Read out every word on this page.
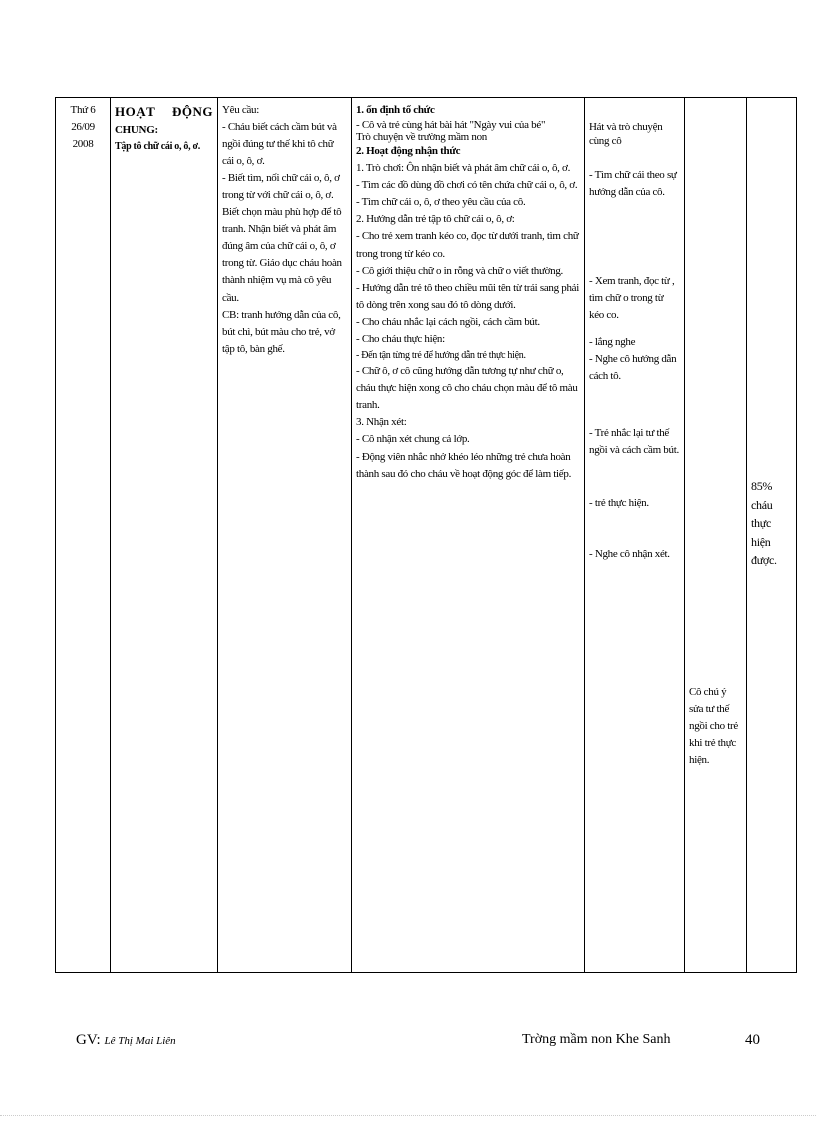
Thứ 6
26/09
2008

HOẠT ĐỘNG
CHUNG:
Tập tô chữ cái o, ô, ơ.

Yêu cầu:
- Cháu biết cách cầm bút và ngồi đúng tư thế khi tô chữ cái o, ô, ơ.
- Biết tìm, nối chữ cái o, ô, ơ trong từ với chữ cái o, ô, ơ. Biết chọn màu phù hợp để tô tranh. Nhận biết và phát âm đúng âm của chữ cái o, ô, ơ trong từ. Giáo dục cháu hoàn thành nhiệm vụ mà cô yêu cầu.
CB: tranh hướng dẫn của cô, bút chì, bút màu cho trẻ, vở tập tô, bàn ghế.

1. ổn định tổ chức
- Cô và trẻ cùng hát bài hát "Ngày vui của bé"
Trò chuyện về trường mầm non
2. Hoạt động nhận thức
1. Trò chơi: Ôn nhận biết và phát âm chữ cái o, ô, ơ.
- Tìm các đồ dùng đồ chơi có tên chứa chữ cái o, ô, ơ.
- Tìm chữ cái o, ô, ơ theo yêu cầu của cô.
2. Hướng dẫn trẻ tập tô chữ cái o, ô, ơ:
- Cho trẻ xem tranh kéo co, đọc từ dưới tranh, tìm chữ trong trong từ kéo co.
- Cô giới thiệu chữ o in rỗng và chữ o viết thường.
- Hướng dẫn trẻ tô theo chiều mũi tên từ trái sang phải tô dòng trên xong sau đó tô dòng dưới.
- Cho cháu nhắc lại cách ngồi, cách cầm bút.
- Cho cháu thực hiện:
- Đến tận từng trẻ để hướng dẫn trẻ thực hiện.
- Chữ ô, ơ cô cũng hướng dẫn tương tự như chữ o, cháu thực hiện xong cô cho cháu chọn màu để tô màu tranh.
3. Nhận xét:
- Cô nhận xét chung cả lớp.
- Động viên nhắc nhở khéo léo những trẻ chưa hoàn thành sau đó cho cháu về hoạt động góc để làm tiếp.

Hát và trò chuyện cùng cô
- Tìm chữ cái theo sự hướng dẫn của cô.
- Xem tranh, đọc từ , tìm chữ o trong từ kéo co.
- lắng nghe
- Nghe cô hướng dẫn cách tô.
- Trẻ nhắc lại tư thế ngồi và cách cầm bút.
- trẻ thực hiện.
- Nghe cô nhận xét.

Cô chú ý sửa tư thế ngồi cho trẻ khi trẻ thực hiện.

85% cháu thực hiện được.
GV: Lê Thị Mai Liên	Trờng mầm non Khe Sanh	40
